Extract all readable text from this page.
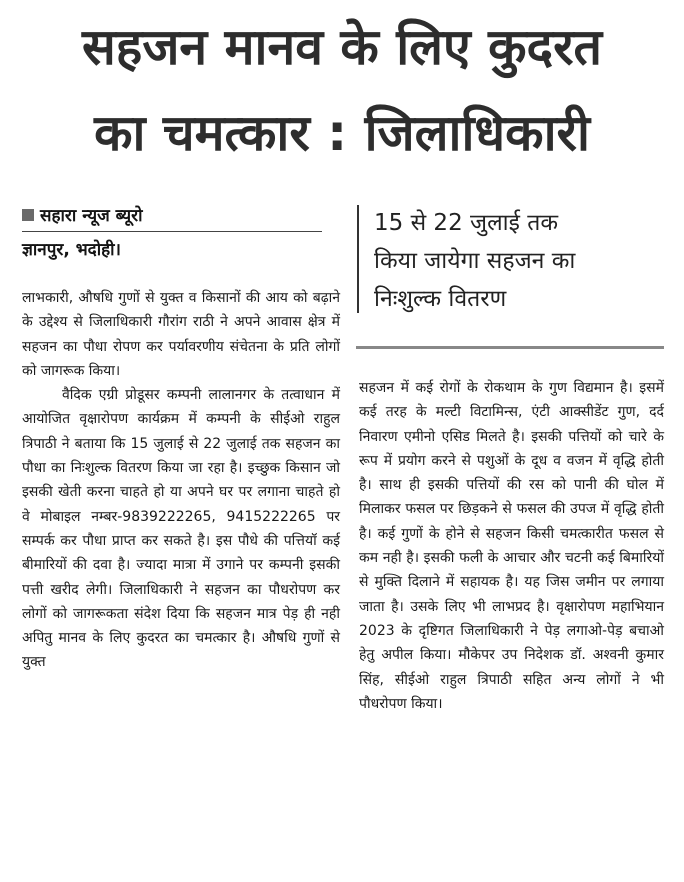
सहजन मानव के लिए कुदरत
का चमत्कार : जिलाधिकारी
सहारा न्यूज ब्यूरो
ज्ञानपुर, भदोही।
15 से 22 जुलाई तक
किया जायेगा सहजन का
निःशुल्क वितरण

लाभकारी, औषधि गुणों से युक्त व किसानों की आय को बढ़ाने के उद्देश्य से जिलाधिकारी गौरांग राठी ने अपने आवास क्षेत्र में सहजन का पौधा रोपण कर पर्यावरणीय संचेतना के प्रति लोगों को जागरूक किया।

वैदिक एग्री प्रोडूसर कम्पनी लालानगर के तत्वाधान में आयोजित वृक्षारोपण कार्यक्रम में कम्पनी के सीईओ राहुल त्रिपाठी ने बताया कि 15 जुलाई से 22 जुलाई तक सहजन का पौधा का निःशुल्क वितरण किया जा रहा है। इच्छुक किसान जो इसकी खेती करना चाहते हो या अपने घर पर लगाना चाहते हो वे मोबाइल नम्बर-9839222265, 9415222265 पर सम्पर्क कर पौधा प्राप्त कर सकते है। इस पौधे की पत्तियॉ कई बीमारियों की दवा है। ज्यादा मात्रा में उगाने पर कम्पनी इसकी पत्ती खरीद लेगी। जिलाधिकारी ने सहजन का पौधरोपण कर लोगों को जागरूकता संदेश दिया कि सहजन मात्र पेड़ ही नही अपितु मानव के लिए कुदरत का चमत्कार है। औषधि गुणों से युक्त

सहजन में कई रोगों के रोकथाम के गुण विद्यमान है। इसमें कई तरह के मल्टी विटामिन्स, एंटी आक्सीडेंट गुण, दर्द निवारण एमीनो एसिड मिलते है। इसकी पत्तियों को चारे के रूप में प्रयोग करने से पशुओं के दूध व वजन में वृद्धि होती है। साथ ही इसकी पत्तियों की रस को पानी की घोल में मिलाकर फसल पर छिड़कने से फसल की उपज में वृद्धि होती है। कई गुणों के होने से सहजन किसी चमत्कारीत फसल से कम नही है। इसकी फली के आचार और चटनी कई बिमारियों से मुक्ति दिलाने में सहायक है। यह जिस जमीन पर लगाया जाता है। उसके लिए भी लाभप्रद है। वृक्षारोपण महाभियान 2023 के दृष्टिगत जिलाधिकारी ने पेड़ लगाओ-पेड़ बचाओ हेतु अपील किया। मौकेपर उप निदेशक डॉ. अश्वनी कुमार सिंह, सीईओ राहुल त्रिपाठी सहित अन्य लोगों ने भी पौधरोपण किया।
